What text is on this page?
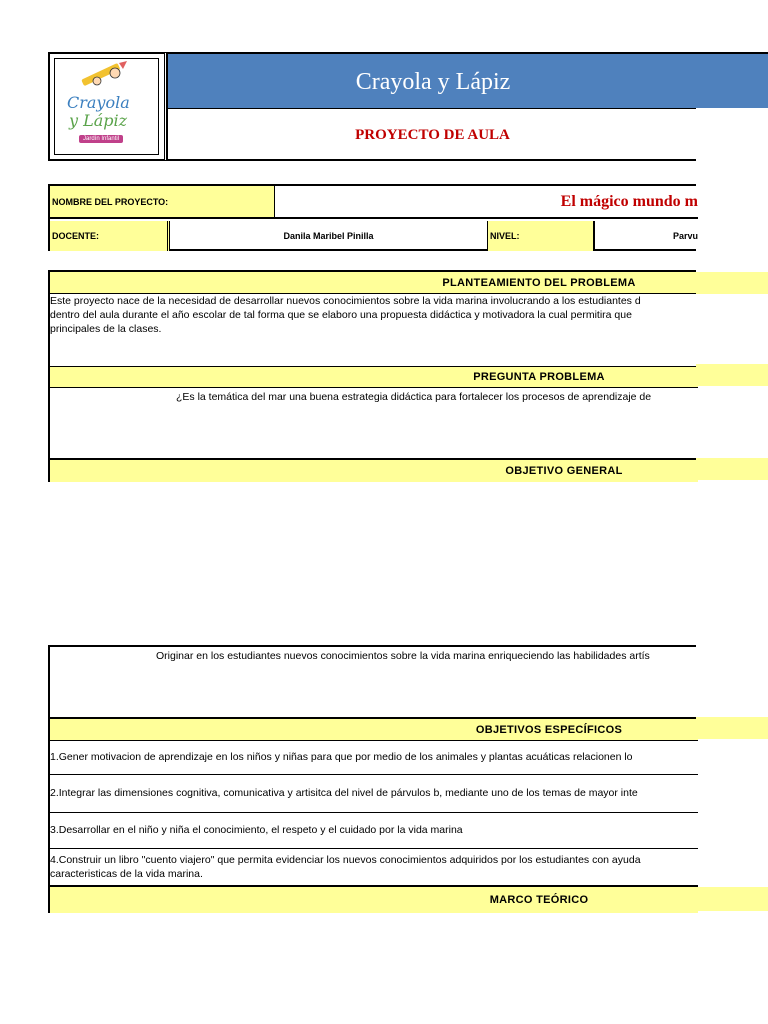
Crayola
y Lápiz
Jardín Infantil
Crayola y Lápiz
PROYECTO DE AULA
NOMBRE DEL PROYECTO:	El mágico mundo m
DOCENTE:	Danila Maribel Pinilla	NIVEL:	Parvu
PLANTEAMIENTO DEL PROBLEMA
Este proyecto nace de la necesidad de desarrollar nuevos conocimientos sobre la vida marina involucrando a los estudiantes d
dentro del aula durante el año escolar de tal forma que se elaboro una propuesta didáctica y motivadora la cual permitira que
principales de la clases.
PREGUNTA PROBLEMA
¿Es la temática del mar una buena estrategia didáctica para fortalecer los procesos de aprendizaje de
OBJETIVO GENERAL
Originar en los estudiantes nuevos conocimientos sobre la vida marina enriqueciendo las habilidades artís
OBJETIVOS ESPECÍFICOS
1.Gener motivacion de aprendizaje en los niños y niñas para que por medio de los animales y plantas acuáticas relacionen lo
2.Integrar las dimensiones cognitiva, comunicativa y artisitca del nivel de párvulos b, mediante uno de los temas de mayor inte
3.Desarrollar en el niño y niña el conocimiento, el respeto y el cuidado por la vida marina
4.Construir un libro "cuento viajero" que permita evidenciar los nuevos conocimientos adquiridos por los estudiantes con ayuda
caracteristicas de la vida marina.
MARCO TEÓRICO
